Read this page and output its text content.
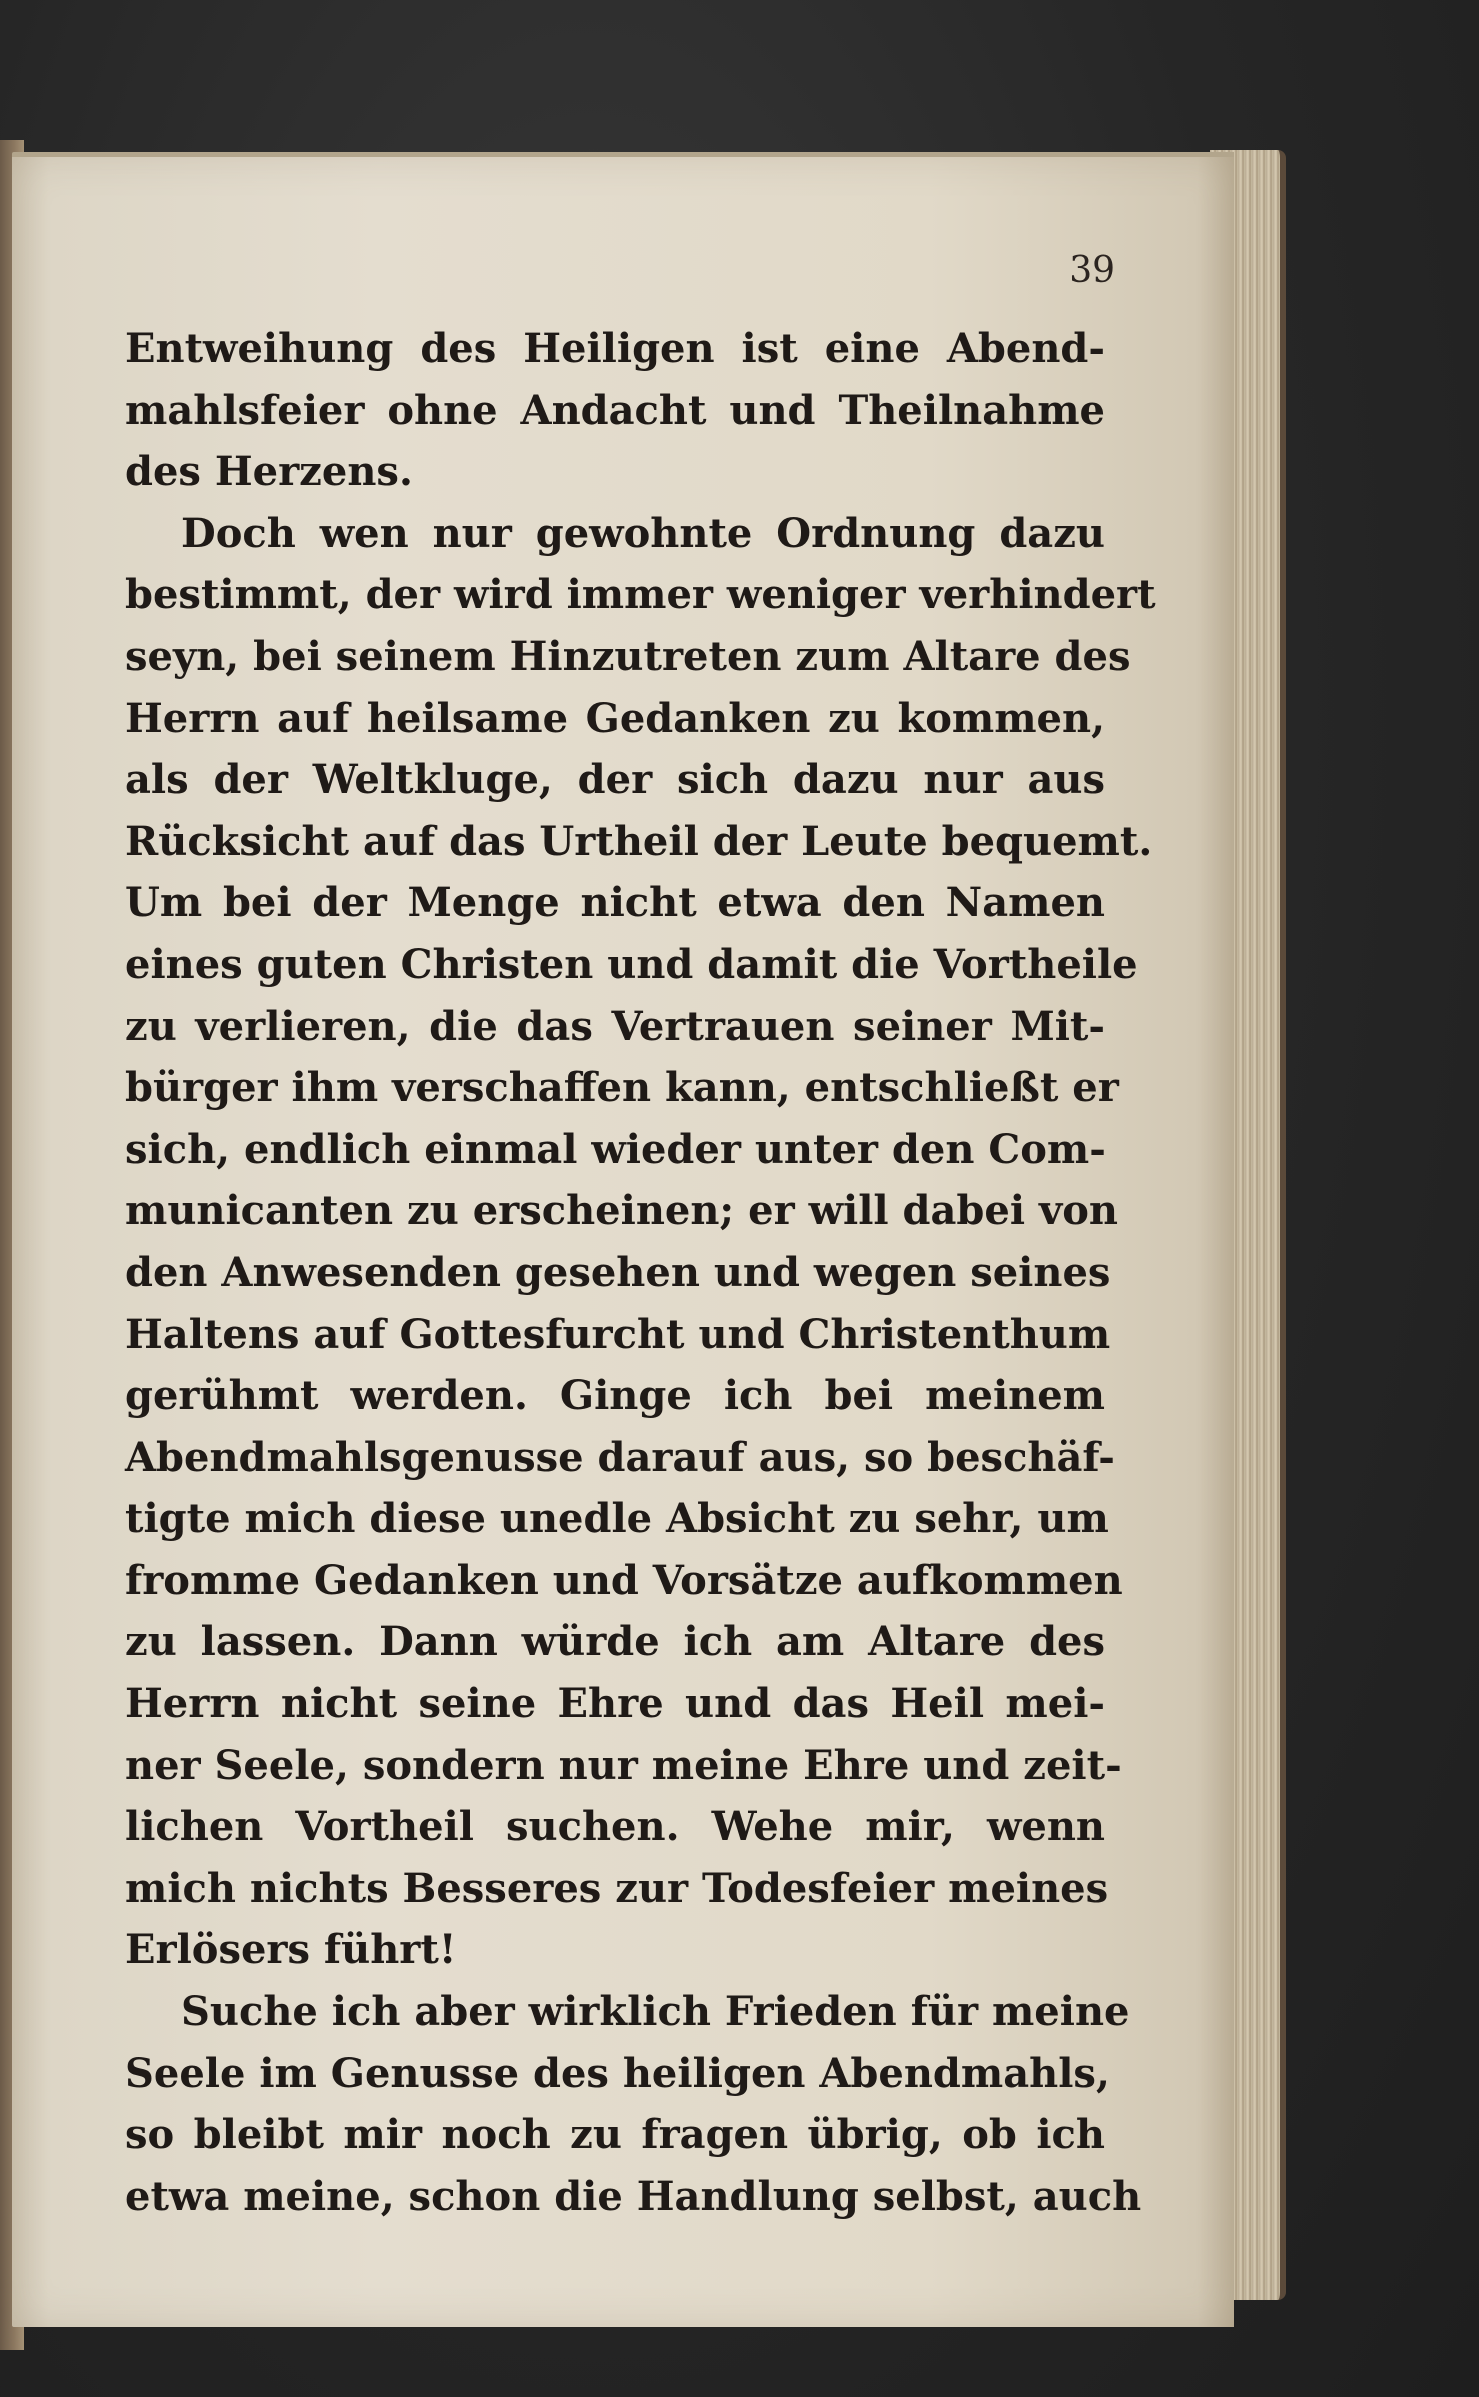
39
Entweihung des Heiligen ist eine Abend-
mahlsfeier ohne Andacht und Theilnahme
des Herzens.
Doch wen nur gewohnte Ordnung dazu
bestimmt, der wird immer weniger verhindert
seyn, bei seinem Hinzutreten zum Altare des
Herrn auf heilsame Gedanken zu kommen,
als der Weltkluge, der sich dazu nur aus
Rücksicht auf das Urtheil der Leute bequemt.
Um bei der Menge nicht etwa den Namen
eines guten Christen und damit die Vortheile
zu verlieren, die das Vertrauen seiner Mit-
bürger ihm verschaffen kann, entschließt er
sich, endlich einmal wieder unter den Com-
municanten zu erscheinen; er will dabei von
den Anwesenden gesehen und wegen seines
Haltens auf Gottesfurcht und Christenthum
gerühmt werden. Ginge ich bei meinem
Abendmahlsgenusse darauf aus, so beschäf-
tigte mich diese unedle Absicht zu sehr, um
fromme Gedanken und Vorsätze aufkommen
zu lassen. Dann würde ich am Altare des
Herrn nicht seine Ehre und das Heil mei-
ner Seele, sondern nur meine Ehre und zeit-
lichen Vortheil suchen. Wehe mir, wenn
mich nichts Besseres zur Todesfeier meines
Erlösers führt!
Suche ich aber wirklich Frieden für meine
Seele im Genusse des heiligen Abendmahls,
so bleibt mir noch zu fragen übrig, ob ich
etwa meine, schon die Handlung selbst, auch
